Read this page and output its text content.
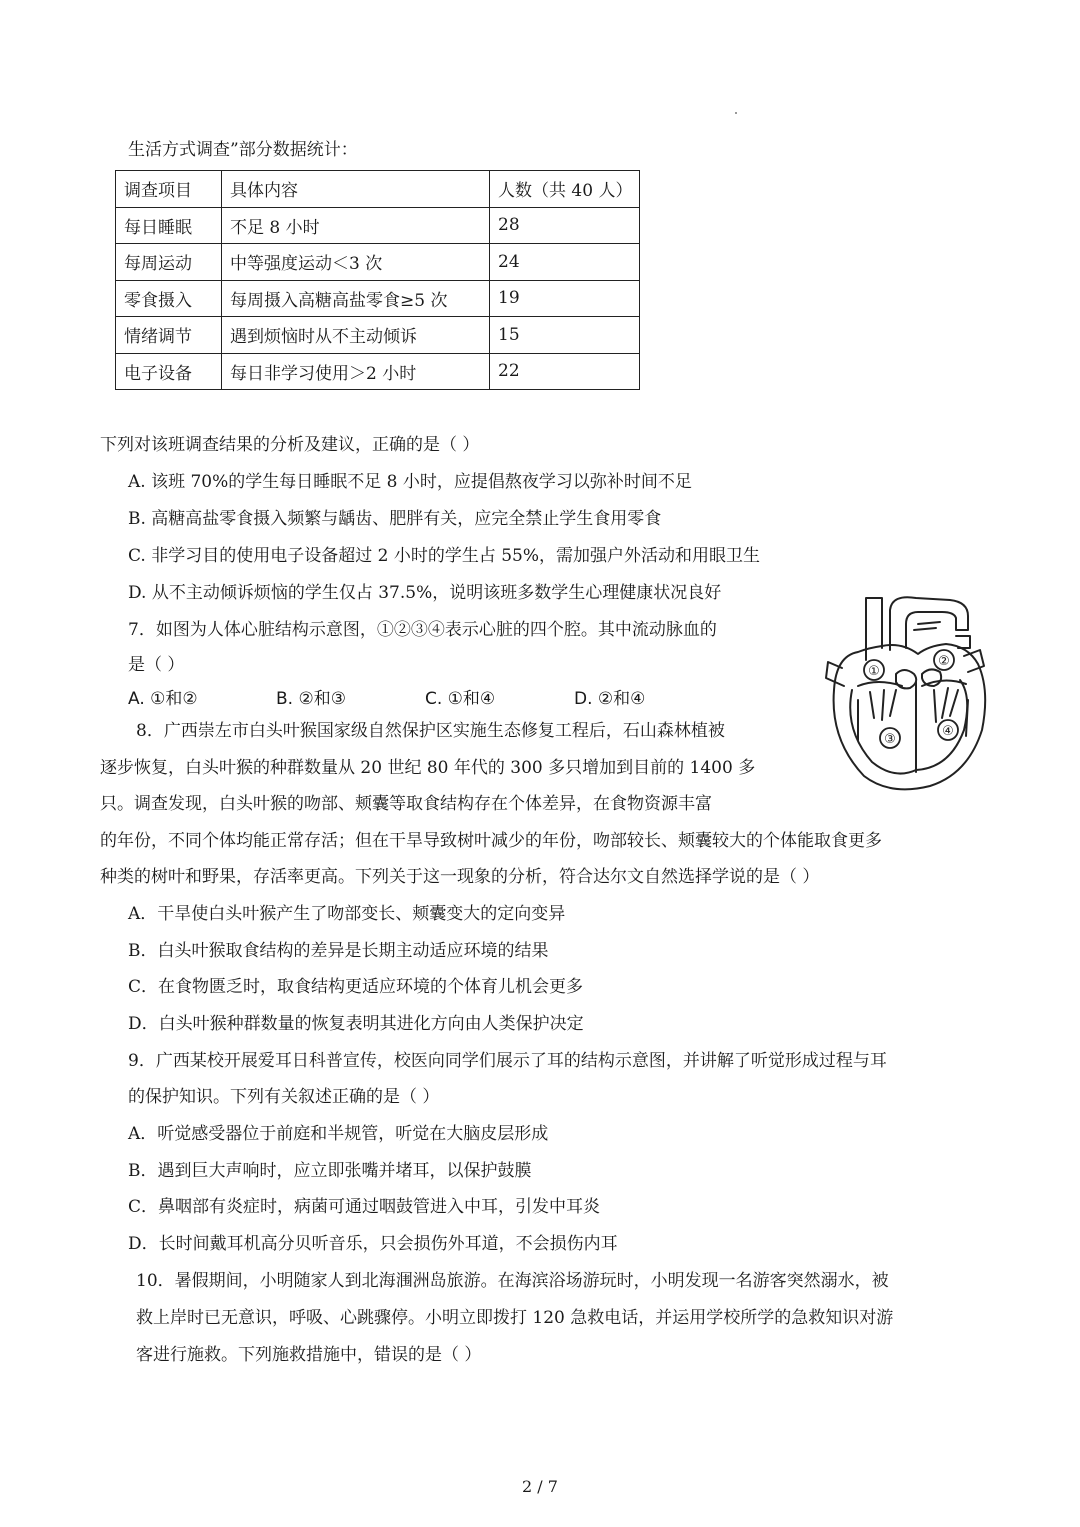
生活方式调查”部分数据统计：
调查项目	具体内容	人数（共 40 人）
每日睡眠	不足 8 小时	28
每周运动	中等强度运动＜3 次	24
零食摄入	每周摄入高糖高盐零食≥5 次	19
情绪调节	遇到烦恼时从不主动倾诉	15
电子设备	每日非学习使用＞2 小时	22
下列对该班调查结果的分析及建议，正确的是（ ）
A. 该班 70%的学生每日睡眠不足 8 小时，应提倡熬夜学习以弥补时间不足
B. 高糖高盐零食摄入频繁与龋齿、肥胖有关，应完全禁止学生食用零食
C. 非学习目的使用电子设备超过 2 小时的学生占 55%，需加强户外活动和用眼卫生
D. 从不主动倾诉烦恼的学生仅占 37.5%，说明该班多数学生心理健康状况良好
7．如图为人体心脏结构示意图，①②③④表示心脏的四个腔。其中流动脉血的
是（ ）
A. ①和②	B. ②和③	C. ①和④	D. ②和④
①
②
③
④
8．广西崇左市白头叶猴国家级自然保护区实施生态修复工程后，石山森林植被
逐步恢复，白头叶猴的种群数量从 20 世纪 80 年代的 300 多只增加到目前的 1400 多
只。调查发现，白头叶猴的吻部、颊囊等取食结构存在个体差异，在食物资源丰富
的年份，不同个体均能正常存活；但在干旱导致树叶减少的年份，吻部较长、颊囊较大的个体能取食更多
种类的树叶和野果，存活率更高。下列关于这一现象的分析，符合达尔文自然选择学说的是（ ）
A．干旱使白头叶猴产生了吻部变长、颊囊变大的定向变异
B．白头叶猴取食结构的差异是长期主动适应环境的结果
C．在食物匮乏时，取食结构更适应环境的个体育儿机会更多
D．白头叶猴种群数量的恢复表明其进化方向由人类保护决定
9．广西某校开展爱耳日科普宣传，校医向同学们展示了耳的结构示意图，并讲解了听觉形成过程与耳
的保护知识。下列有关叙述正确的是（ ）
A．听觉感受器位于前庭和半规管，听觉在大脑皮层形成
B．遇到巨大声响时，应立即张嘴并堵耳，以保护鼓膜
C．鼻咽部有炎症时，病菌可通过咽鼓管进入中耳，引发中耳炎
D．长时间戴耳机高分贝听音乐，只会损伤外耳道，不会损伤内耳
10．暑假期间，小明随家人到北海涠洲岛旅游。在海滨浴场游玩时，小明发现一名游客突然溺水，被
救上岸时已无意识，呼吸、心跳骤停。小明立即拨打 120 急救电话，并运用学校所学的急救知识对游
客进行施救。下列施救措施中，错误的是（ ）
2 / 7
